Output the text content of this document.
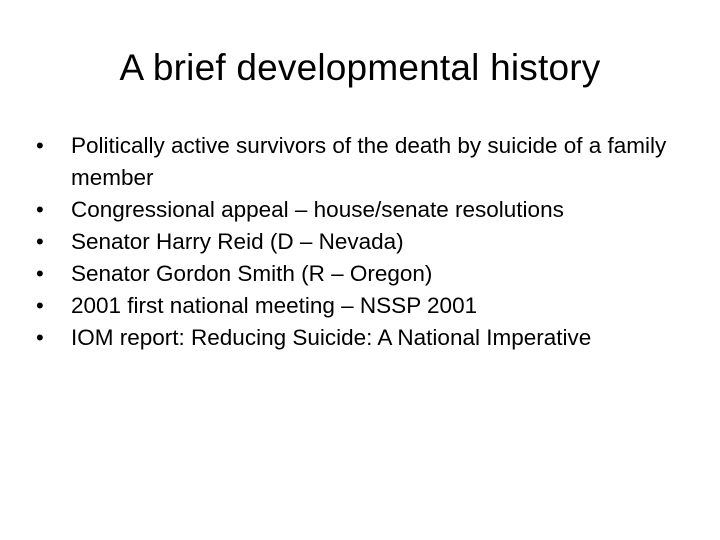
A brief developmental history
• Politically active survivors of the death by suicide of a family member
• Congressional appeal – house/senate resolutions
• Senator Harry Reid (D – Nevada)
• Senator Gordon Smith (R – Oregon)
• 2001 first national meeting – NSSP 2001
• IOM report: Reducing Suicide: A National Imperative
